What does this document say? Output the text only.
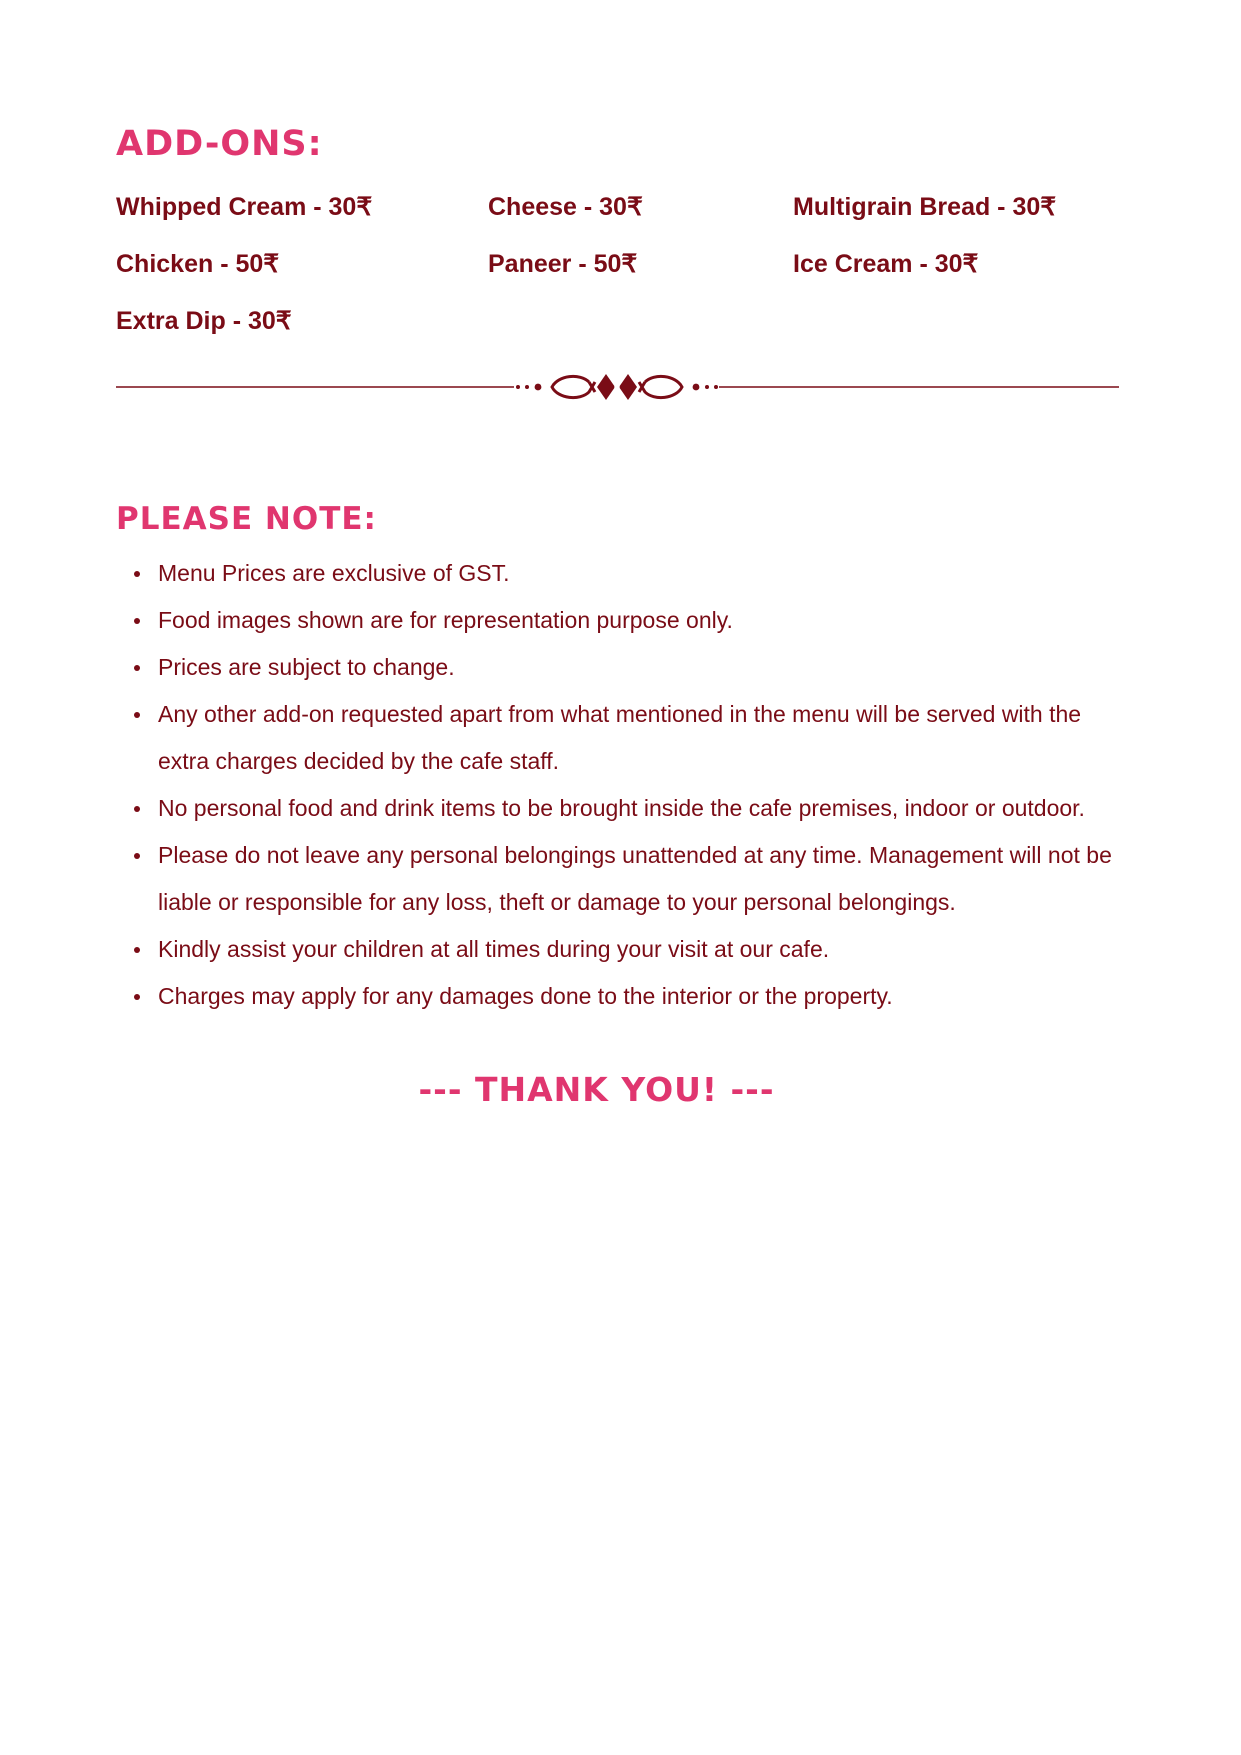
ADD-ONS:
Whipped Cream - 30₹	Cheese - 30₹	Multigrain Bread - 30₹
Chicken - 50₹	Paneer - 50₹	Ice Cream - 30₹
Extra Dip - 30₹
PLEASE NOTE:
Menu Prices are exclusive of GST.
Food images shown are for representation purpose only.
Prices are subject to change.
Any other add-on requested apart from what mentioned in the menu will be served with the extra charges decided by the cafe staff.
No personal food and drink items to be brought inside the cafe premises, indoor or outdoor.
Please do not leave any personal belongings unattended at any time. Management will not be liable or responsible for any loss, theft or damage to your personal belongings.
Kindly assist your children at all times during your visit at our cafe.
Charges may apply for any damages done to the interior or the property.
--- THANK YOU! ---
